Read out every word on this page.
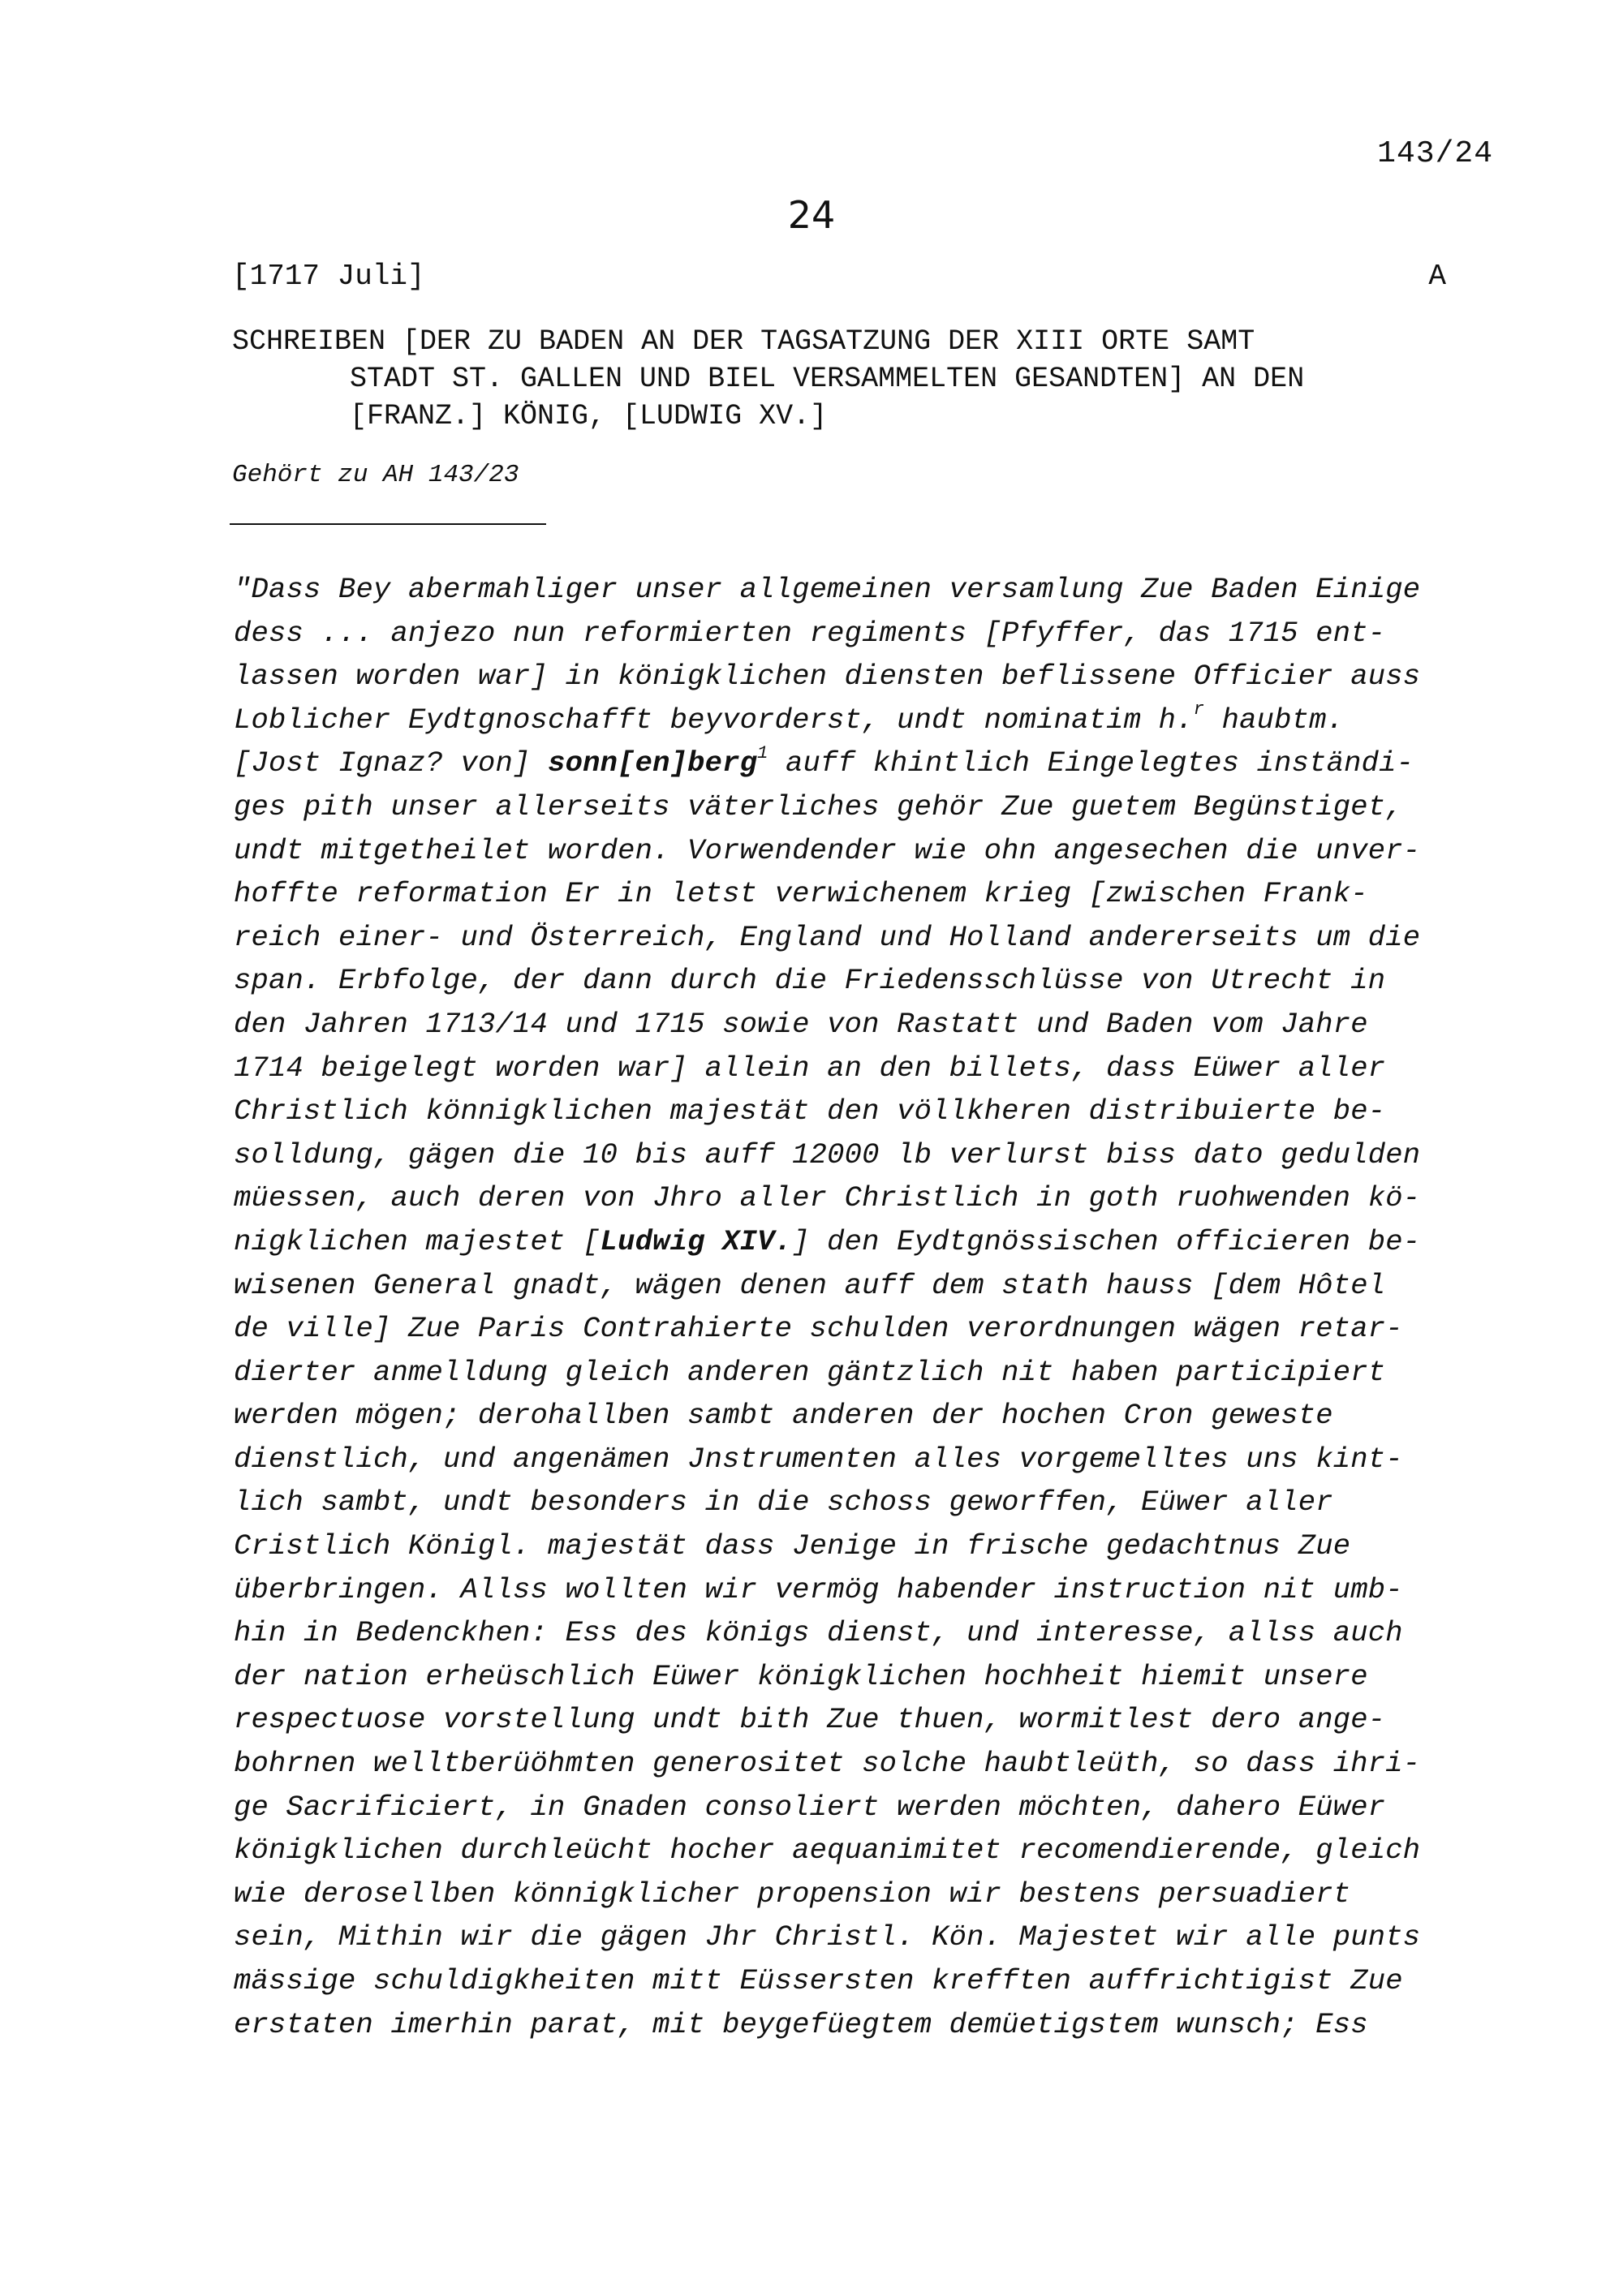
143/24
24
[1717 Juli]	A
SCHREIBEN [DER ZU BADEN AN DER TAGSATZUNG DER XIII ORTE SAMT
STADT ST. GALLEN UND BIEL VERSAMMELTEN GESANDTEN] AN DEN
[FRANZ.] KÖNIG, [LUDWIG XV.]
Gehört zu AH 143/23
"Dass Bey abermahliger unser allgemeinen versamlung Zue Baden Einige
dess ... anjezo nun reformierten regiments [Pfyffer, das 1715 ent-
lassen worden war] in königklichen diensten beflissene Officier auss
Loblicher Eydtgnoschafft beyvorderst, undt nominatim h.$^r$ haubtm.
[Jost Ignaz? von] sonn[en]berg$^1$ auff khintlich Eingelegtes inständi-
ges pith unser allerseits väterliches gehör Zue guetem Begünstiget,
undt mitgetheilet worden. Vorwendender wie ohn angesechen die unver-
hoffte reformation Er in letst verwichenem krieg [zwischen Frank-
reich einer- und Österreich, England und Holland andererseits um die
span. Erbfolge, der dann durch die Friedensschlüsse von Utrecht in
den Jahren 1713/14 und 1715 sowie von Rastatt und Baden vom Jahre
1714 beigelegt worden war] allein an den billets, dass Eüwer aller
Christlich könnigklichen majestät den völlkheren distribuierte be-
solldung, gägen die 10 bis auff 12000 lb verlurst biss dato gedulden
müessen, auch deren von Jhro aller Christlich in goth ruohwenden kö-
nigklichen majestet [Ludwig XIV.] den Eydtgnössischen officieren be-
wisenen General gnadt, wägen denen auff dem stath hauss [dem Hôtel
de ville] Zue Paris Contrahierte schulden verordnungen wägen retar-
dierter anmelldung gleich anderen gäntzlich nit haben participiert
werden mögen; derohallben sambt anderen der hochen Cron geweste
dienstlich, und angenämen Jnstrumenten alles vorgemelltes uns kint-
lich sambt, undt besonders in die schoss geworffen, Eüwer aller
Cristlich Königl. majestät dass Jenige in frische gedachtnus Zue
überbringen. Allss wollten wir vermög habender instruction nit umb-
hin in Bedenckhen: Ess des königs dienst, und interesse, allss auch
der nation erheüschlich Eüwer königklichen hochheit hiemit unsere
respectuose vorstellung undt bith Zue thuen, wormitlest dero ange-
bohrnen welltberüöhmten generositet solche haubtleüth, so dass ihri-
ge Sacrificiert, in Gnaden consoliert werden möchten, dahero Eüwer
königklichen durchleücht hocher aequanimitet recomendierende, gleich
wie derosellben könnigklicher propension wir bestens persuadiert
sein, Mithin wir die gägen Jhr Christl. Kön. Majestet wir alle punts
mässige schuldigkheiten mitt Eüssersten krefften auffrichtigist Zue
erstaten imerhin parat, mit beygefüegtem demüetigstem wunsch; Ess
